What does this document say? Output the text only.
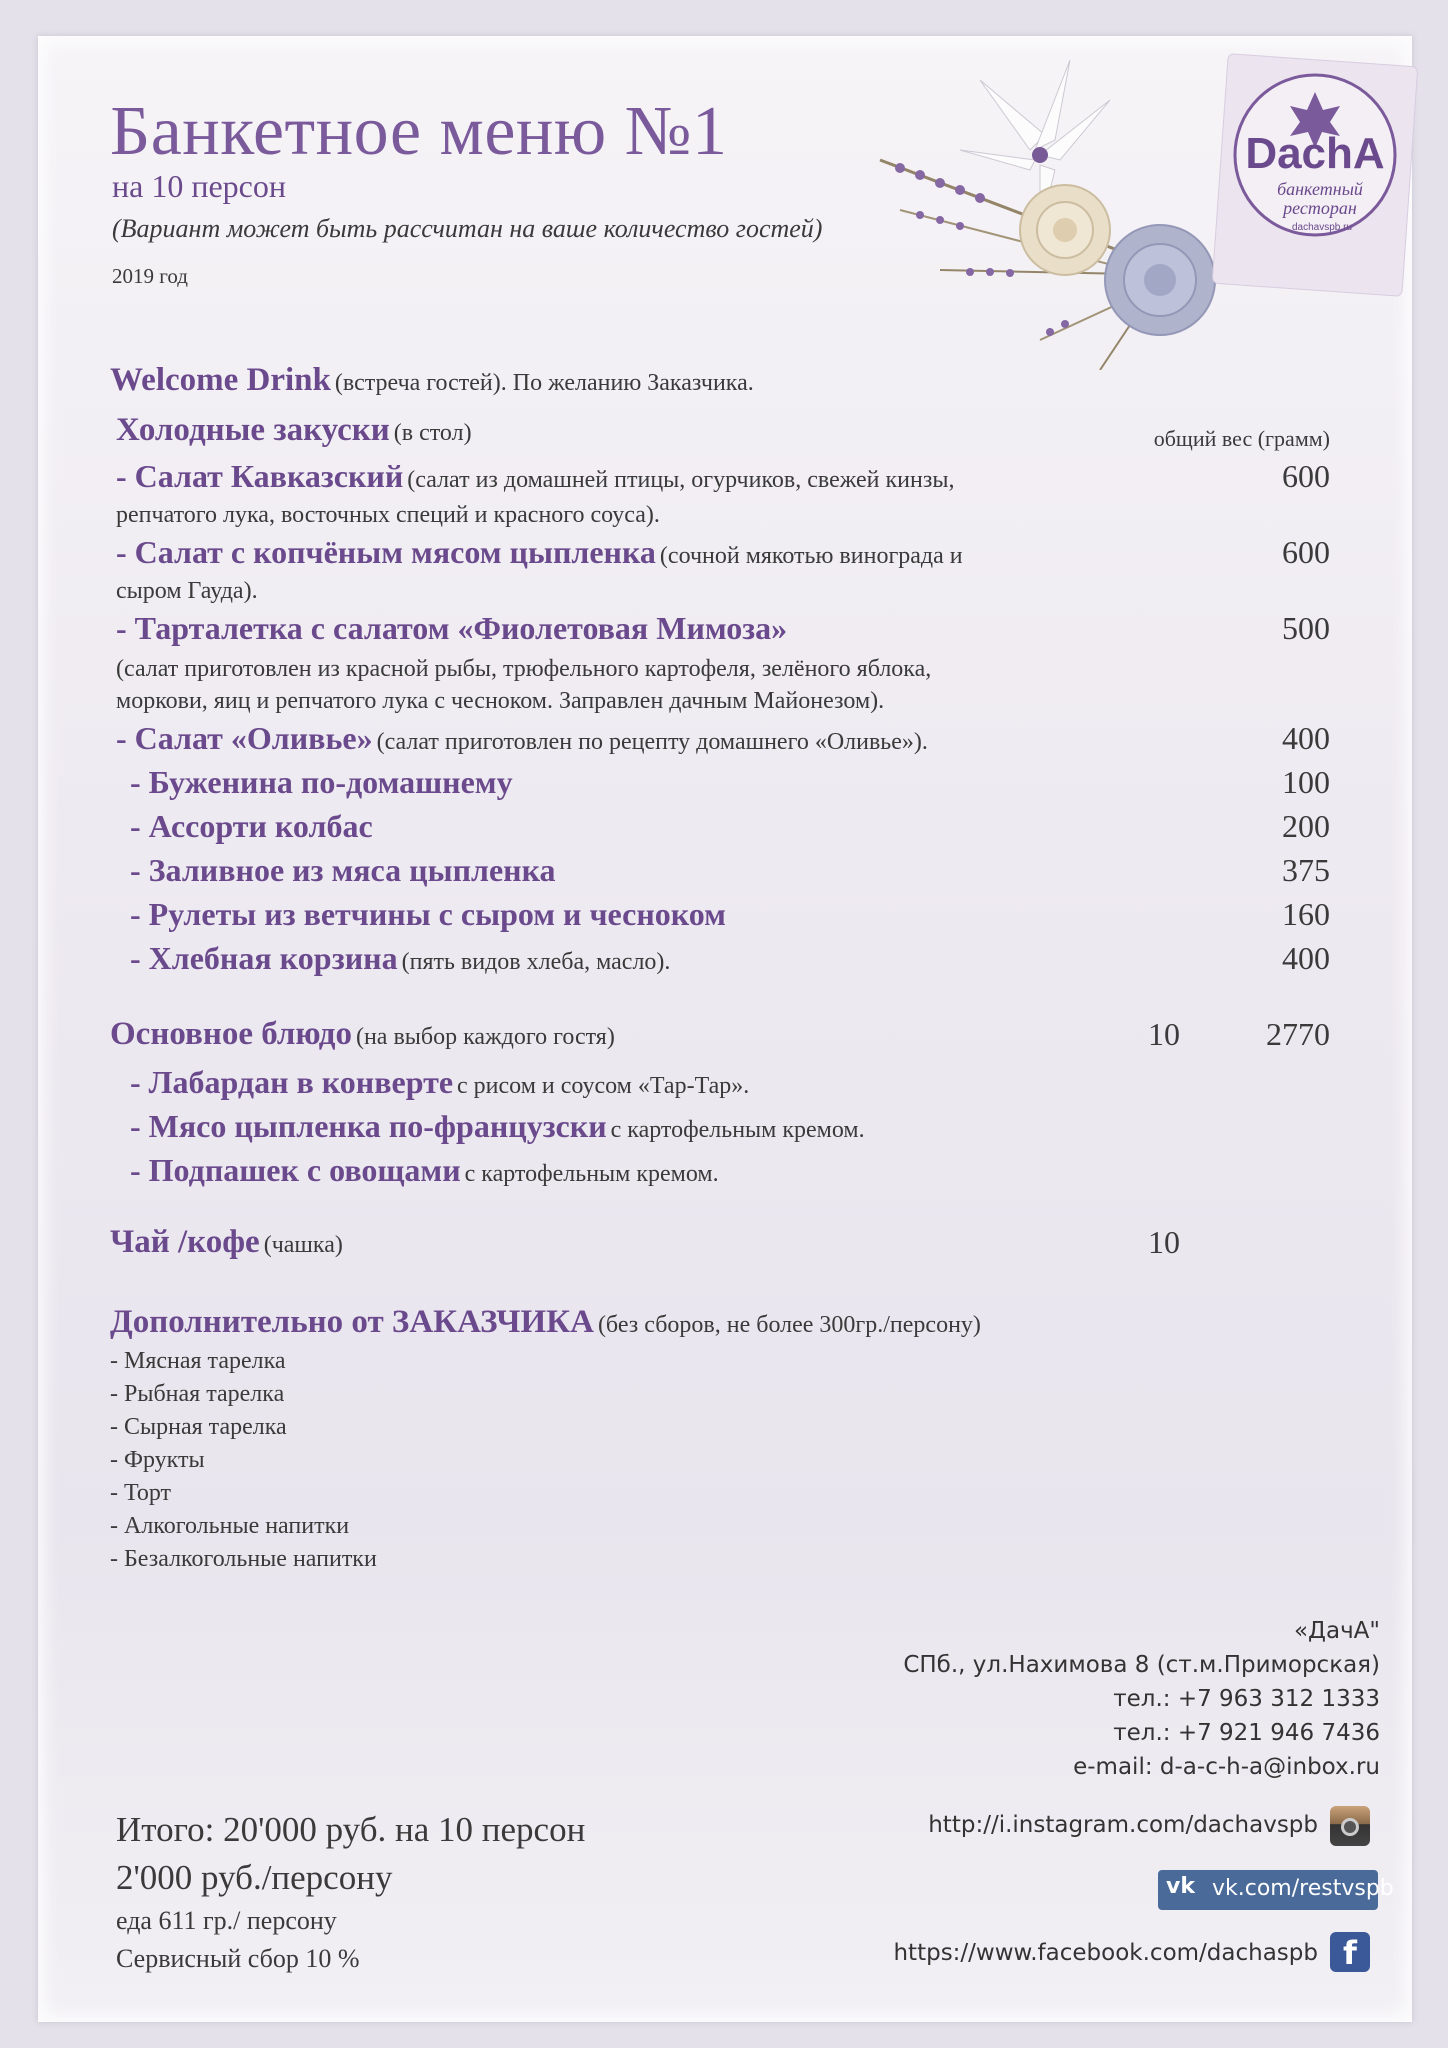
DachA
банкетный
ресторан
dachavspb.ru
Банкетное меню №1
на 10 персон
(Вариант может быть рассчитан на ваше количество гостей)
2019 год
Welcome Drink (встреча гостей). По желанию Заказчика.
Холодные закуски (в стол)	общий вес (грамм)
- Салат Кавказский (салат из домашней птицы, огурчиков, свежей кинзы,
репчатого лука, восточных специй и красного соуса).
600
- Салат с копчёным мясом цыпленка (сочной мякотью винограда и
сыром Гауда).
600
- Тарталетка с салатом «Фиолетовая Мимоза»	500
(салат приготовлен из красной рыбы, трюфельного картофеля, зелёного яблока,
моркови, яиц и репчатого лука с чесноком. Заправлен дачным Майонезом).
- Салат «Оливье» (салат приготовлен по рецепту домашнего «Оливье»).	400
- Буженина по-домашнему	100
- Ассорти колбас	200
- Заливное из мяса цыпленка	375
- Рулеты из ветчины с сыром и чесноком	160
- Хлебная корзина (пять видов хлеба, масло).	400
Основное блюдо (на выбор каждого гостя)	10	2770
- Лабардан в конверте с рисом и соусом «Тар-Тар».
- Мясо цыпленка по-французски с картофельным кремом.
- Подпашек с овощами с картофельным кремом.
Чай /кофе (чашка)	10
Дополнительно от ЗАКАЗЧИКА (без сборов, не более 300гр./персону)
- Мясная тарелка
- Рыбная тарелка
- Сырная тарелка
- Фрукты
- Торт
- Алкогольные напитки
- Безалкогольные напитки
«ДачА"
СПб., ул.Нахимова 8 (ст.м.Приморская)
тел.: +7 963 312 1333
тел.: +7 921 946 7436
e-mail: d-a-c-h-a@inbox.ru
http://i.instagram.com/dachavspb
vk vk.com/restvspb
https://www.facebook.com/dachaspb f
Итого: 20'000 руб. на 10 персон
2'000 руб./персону
еда 611 гр./ персону
Сервисный сбор 10 %
